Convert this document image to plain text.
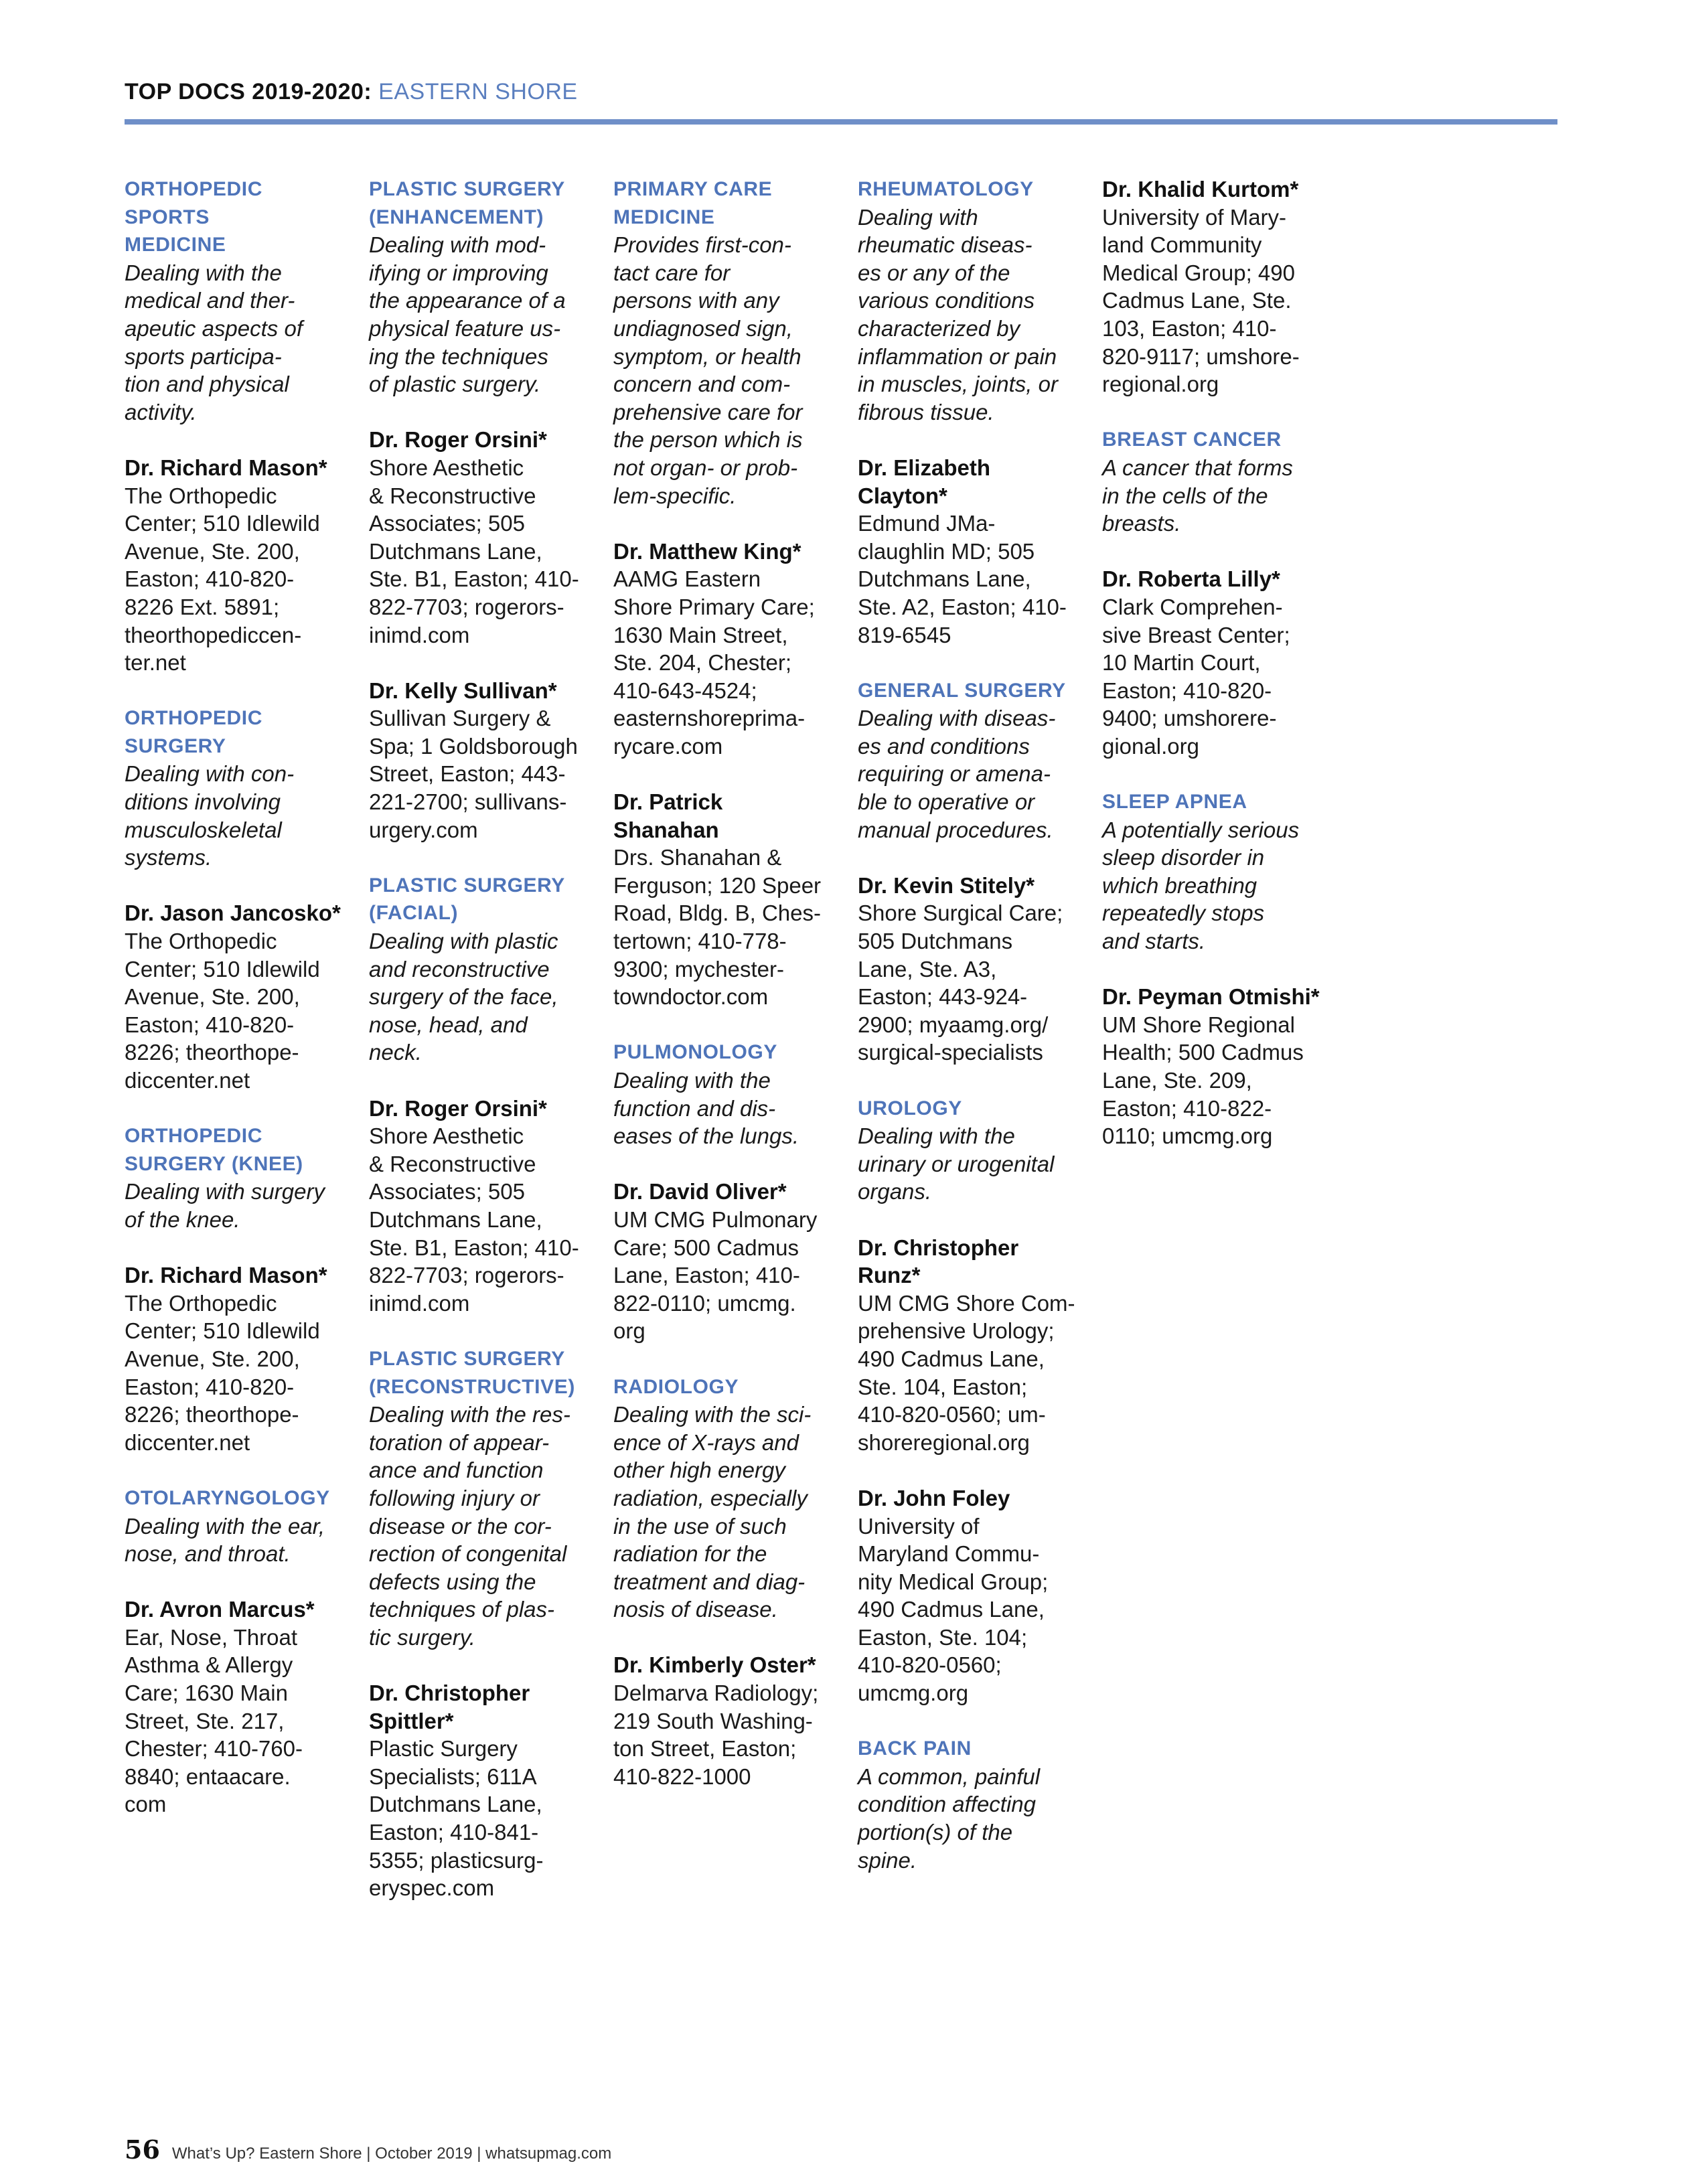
TOP DOCS 2019-2020: EASTERN SHORE
ORTHOPEDIC SPORTS
MEDICINE
Dealing with the
medical and ther-
apeutic aspects of
sports participa-
tion and physical
activity.
Dr. Richard Mason*
The Orthopedic
Center; 510 Idlewild
Avenue, Ste. 200,
Easton; 410-820-
8226 Ext. 5891;
theorthopediccen-
ter.net
ORTHOPEDIC
SURGERY
Dealing with con-
ditions involving
musculoskeletal
systems.
Dr. Jason Jancosko*
The Orthopedic
Center; 510 Idlewild
Avenue, Ste. 200,
Easton; 410-820-
8226; theorthope-
diccenter.net
ORTHOPEDIC
SURGERY (KNEE)
Dealing with surgery
of the knee.
Dr. Richard Mason*
The Orthopedic
Center; 510 Idlewild
Avenue, Ste. 200,
Easton; 410-820-
8226; theorthope-
diccenter.net
OTOLARYNGOLOGY
Dealing with the ear,
nose, and throat.
Dr. Avron Marcus*
Ear, Nose, Throat
Asthma & Allergy
Care; 1630 Main
Street, Ste. 217,
Chester; 410-760-
8840; entaacare.
com
PLASTIC SURGERY
(ENHANCEMENT)
Dealing with mod-
ifying or improving
the appearance of a
physical feature us-
ing the techniques
of plastic surgery.
Dr. Roger Orsini*
Shore Aesthetic
& Reconstructive
Associates; 505
Dutchmans Lane,
Ste. B1, Easton; 410-
822-7703; rogerors-
inimd.com
Dr. Kelly Sullivan*
Sullivan Surgery &
Spa; 1 Goldsborough
Street, Easton; 443-
221-2700; sullivans-
urgery.com
PLASTIC SURGERY
(FACIAL)
Dealing with plastic
and reconstructive
surgery of the face,
nose, head, and
neck.
Dr. Roger Orsini*
Shore Aesthetic
& Reconstructive
Associates; 505
Dutchmans Lane,
Ste. B1, Easton; 410-
822-7703; rogerors-
inimd.com
PLASTIC SURGERY
(RECONSTRUCTIVE)
Dealing with the res-
toration of appear-
ance and function
following injury or
disease or the cor-
rection of congenital
defects using the
techniques of plas-
tic surgery.
Dr. Christopher
Spittler*
Plastic Surgery
Specialists; 611A
Dutchmans Lane,
Easton; 410-841-
5355; plasticsurg-
eryspec.com
PRIMARY CARE
MEDICINE
Provides first-con-
tact care for
persons with any
undiagnosed sign,
symptom, or health
concern and com-
prehensive care for
the person which is
not organ- or prob-
lem-specific.
Dr. Matthew King*
AAMG Eastern
Shore Primary Care;
1630 Main Street,
Ste. 204, Chester;
410-643-4524;
easternshoreprima-
rycare.com
Dr. Patrick
Shanahan
Drs. Shanahan &
Ferguson; 120 Speer
Road, Bldg. B, Ches-
tertown; 410-778-
9300; mychester-
towndoctor.com
PULMONOLOGY
Dealing with the
function and dis-
eases of the lungs.
Dr. David Oliver*
UM CMG Pulmonary
Care; 500 Cadmus
Lane, Easton; 410-
822-0110; umcmg.
org
RADIOLOGY
Dealing with the sci-
ence of X-rays and
other high energy
radiation, especially
in the use of such
radiation for the
treatment and diag-
nosis of disease.
Dr. Kimberly Oster*
Delmarva Radiology;
219 South Washing-
ton Street, Easton;
410-822-1000
RHEUMATOLOGY
Dealing with
rheumatic diseas-
es or any of the
various conditions
characterized by
inflammation or pain
in muscles, joints, or
fibrous tissue.
Dr. Elizabeth
Clayton*
Edmund JMa-
claughlin MD; 505
Dutchmans Lane,
Ste. A2, Easton; 410-
819-6545
GENERAL SURGERY
Dealing with diseas-
es and conditions
requiring or amena-
ble to operative or
manual procedures.
Dr. Kevin Stitely*
Shore Surgical Care;
505 Dutchmans
Lane, Ste. A3,
Easton; 443-924-
2900; myaamg.org/
surgical-specialists
UROLOGY
Dealing with the
urinary or urogenital
organs.
Dr. Christopher
Runz*
UM CMG Shore Com-
prehensive Urology;
490 Cadmus Lane,
Ste. 104, Easton;
410-820-0560; um-
shoreregional.org
Dr. John Foley
University of
Maryland Commu-
nity Medical Group;
490 Cadmus Lane,
Easton, Ste. 104;
410-820-0560;
umcmg.org
BACK PAIN
A common, painful
condition affecting
portion(s) of the
spine.
Dr. Khalid Kurtom*
University of Mary-
land Community
Medical Group; 490
Cadmus Lane, Ste.
103, Easton; 410-
820-9117; umshore-
regional.org
BREAST CANCER
A cancer that forms
in the cells of the
breasts.
Dr. Roberta Lilly*
Clark Comprehen-
sive Breast Center;
10 Martin Court,
Easton; 410-820-
9400; umshorere-
gional.org
SLEEP APNEA
A potentially serious
sleep disorder in
which breathing
repeatedly stops
and starts.
Dr. Peyman Otmishi*
UM Shore Regional
Health; 500 Cadmus
Lane, Ste. 209,
Easton; 410-822-
0110; umcmg.org
56 What’s Up? Eastern Shore | October 2019 | whatsupmag.com
